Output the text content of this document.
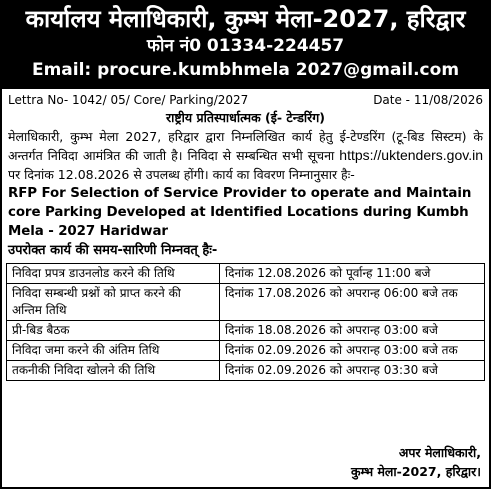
कार्यालय मेलाधिकारी, कुम्भ मेला-2027, हरिद्वार
फोन नं0 01334-224457
Email: procure.kumbhmela 2027@gmail.com
Lettra No- 1042/ 05/ Core/ Parking/2027	Date - 11/08/2026
राष्ट्रीय प्रतिस्पार्धात्मक (ई- टेन्डरिंग)
मेलाधिकारी, कुम्भ मेला 2027, हरिद्वार द्वारा निम्नलिखित कार्य हेतु ई-टेण्डरिंग (टू-बिड सिस्टम) के अन्तर्गत निविदा आमंत्रित की जाती है। निविदा से सम्बन्धित सभी सूचना https://uktenders.gov.in पर दिनांक 12.08.2026 से उपलब्ध होंगी। कार्य का विवरण निम्नानुसार हैः-
RFP For Selection of Service Provider to operate and Maintain core Parking Developed at Identified Locations during Kumbh Mela - 2027 Haridwar
उपरोक्त कार्य की समय-सारिणी निम्नवत् हैः-
निविदा प्रपत्र डाउनलोड करने की तिथि	दिनांक 12.08.2026 को पूर्वान्ह 11:00 बजे
निविदा सम्बन्धी प्रश्नों को प्राप्त करने की अन्तिम तिथि	दिनांक 17.08.2026 को अपरान्ह 06:00 बजे तक
प्री-बिड बैठक	दिनांक 18.08.2026 को अपरान्ह 03:00 बजे
निविदा जमा करने की अंतिम तिथि	दिनांक 02.09.2026 को अपरान्ह 03:00 बजे तक
तकनीकी निविदा खोलने की तिथि	दिनांक 02.09.2026 को अपरान्ह 03:30 बजे
अपर मेलाधिकारी,
कुम्भ मेला-2027, हरिद्वार।
